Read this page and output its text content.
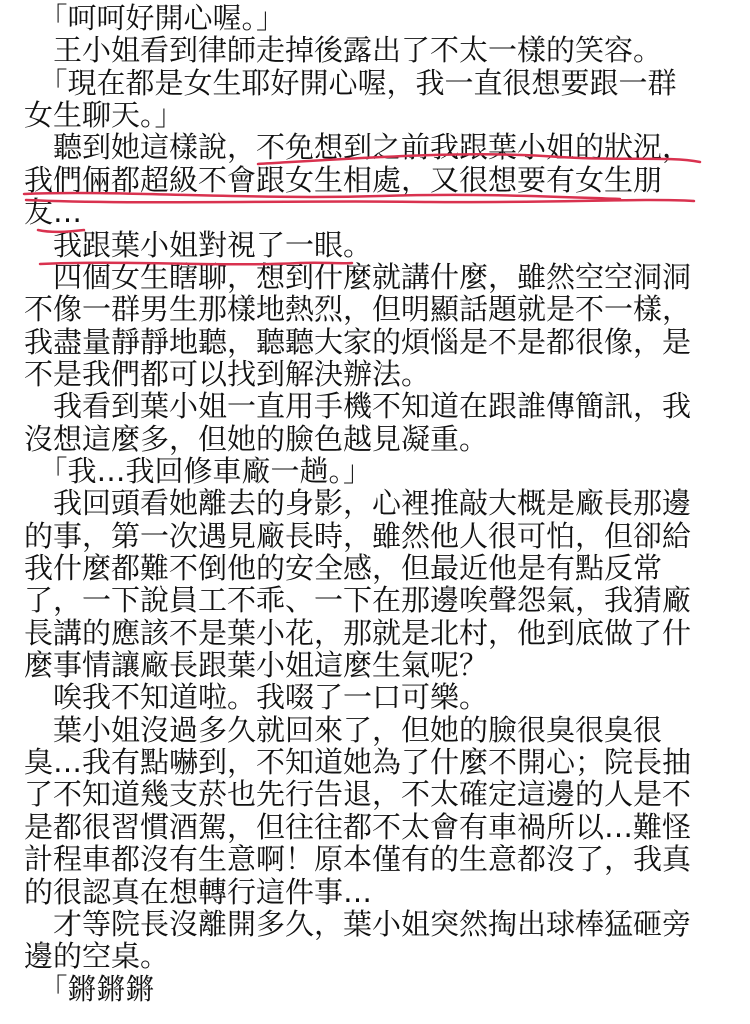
　「呵呵好開心喔。」
　王小姐看到律師走掉後露出了不太一樣的笑容。
　「現在都是女生耶好開心喔，我一直很想要跟一群
女生聊天。」
　聽到她這樣說，不免想到之前我跟葉小姐的狀況，
我們倆都超級不會跟女生相處，又很想要有女生朋
友…
　我跟葉小姐對視了一眼。
　四個女生瞎聊，想到什麼就講什麼，雖然空空洞洞
不像一群男生那樣地熱烈，但明顯話題就是不一樣，
我盡量靜靜地聽，聽聽大家的煩惱是不是都很像，是
不是我們都可以找到解決辦法。
　我看到葉小姐一直用手機不知道在跟誰傳簡訊，我
沒想這麼多，但她的臉色越見凝重。
　「我…我回修車廠一趟。」
　我回頭看她離去的身影，心裡推敲大概是廠長那邊
的事，第一次遇見廠長時，雖然他人很可怕，但卻給
我什麼都難不倒他的安全感，但最近他是有點反常
了，一下說員工不乖、一下在那邊唉聲怨氣，我猜廠
長講的應該不是葉小花，那就是北村，他到底做了什
麼事情讓廠長跟葉小姐這麼生氣呢？
　唉我不知道啦。我啜了一口可樂。
　葉小姐沒過多久就回來了，但她的臉很臭很臭很
臭…我有點嚇到，不知道她為了什麼不開心；院長抽
了不知道幾支菸也先行告退，不太確定這邊的人是不
是都很習慣酒駕，但往往都不太會有車禍所以…難怪
計程車都沒有生意啊！原本僅有的生意都沒了，我真
的很認真在想轉行這件事…
　才等院長沒離開多久，葉小姐突然掏出球棒猛砸旁
邊的空桌。
　「鏘鏘鏘
